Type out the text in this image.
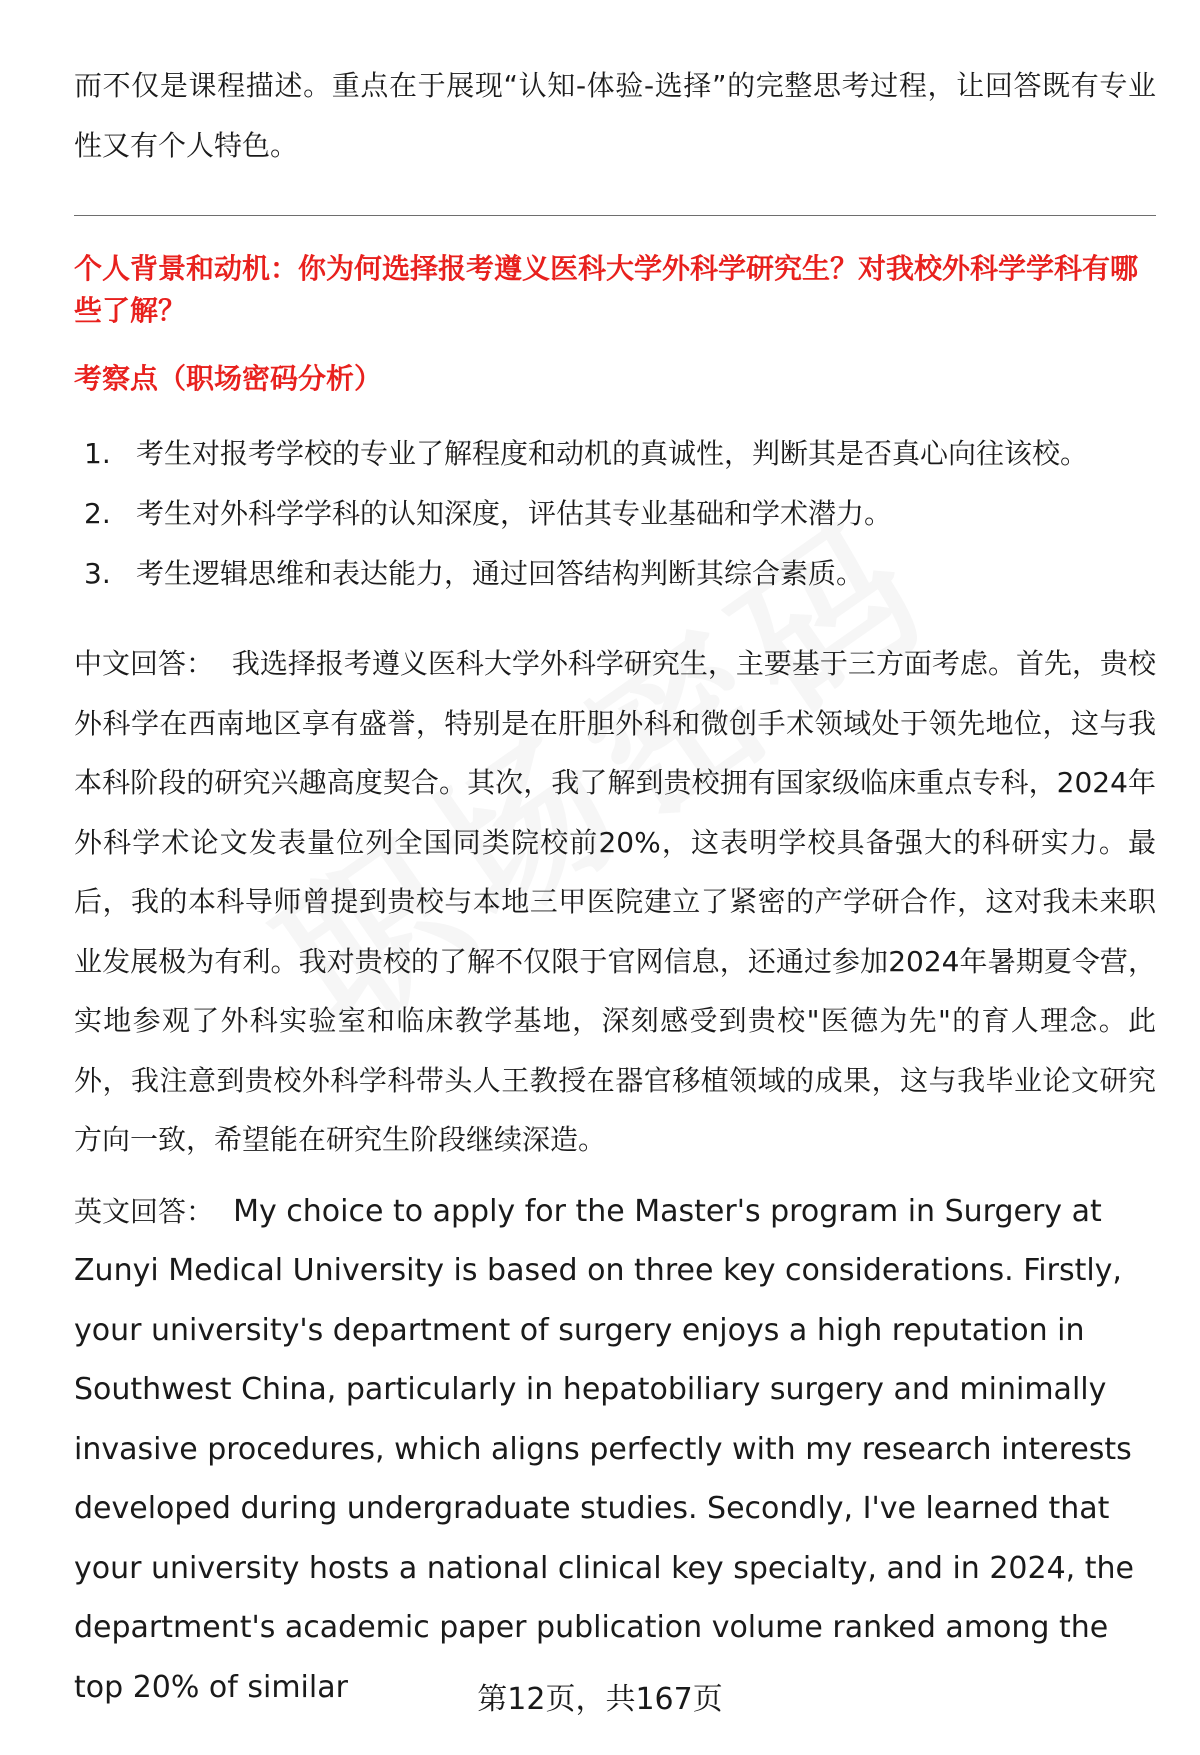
而不仅是课程描述。重点在于展现“认知-体验-选择”的完整思考过程，让回答既有专业性又有个人特色。

个人背景和动机：你为何选择报考遵义医科大学外科学研究生？对我校外科学学科有哪些了解？

考察点（职场密码分析）

1. 考生对报考学校的专业了解程度和动机的真诚性，判断其是否真心向往该校。
2. 考生对外科学学科的认知深度，评估其专业基础和学术潜力。
3. 考生逻辑思维和表达能力，通过回答结构判断其综合素质。

中文回答： 我选择报考遵义医科大学外科学研究生，主要基于三方面考虑。首先，贵校外科学在西南地区享有盛誉，特别是在肝胆外科和微创手术领域处于领先地位，这与我本科阶段的研究兴趣高度契合。其次，我了解到贵校拥有国家级临床重点专科，2024年外科学术论文发表量位列全国同类院校前20%，这表明学校具备强大的科研实力。最后，我的本科导师曾提到贵校与本地三甲医院建立了紧密的产学研合作，这对我未来职业发展极为有利。我对贵校的了解不仅限于官网信息，还通过参加2024年暑期夏令营，实地参观了外科实验室和临床教学基地，深刻感受到贵校"医德为先"的育人理念。此外，我注意到贵校外科学科带头人王教授在器官移植领域的成果，这与我毕业论文研究方向一致，希望能在研究生阶段继续深造。

英文回答： My choice to apply for the Master's program in Surgery at Zunyi Medical University is based on three key considerations. Firstly, your university's department of surgery enjoys a high reputation in Southwest China, particularly in hepatobiliary surgery and minimally invasive procedures, which aligns perfectly with my research interests developed during undergraduate studies. Secondly, I've learned that your university hosts a national clinical key specialty, and in 2024, the department's academic paper publication volume ranked among the top 20% of similar	第12页，共167页
